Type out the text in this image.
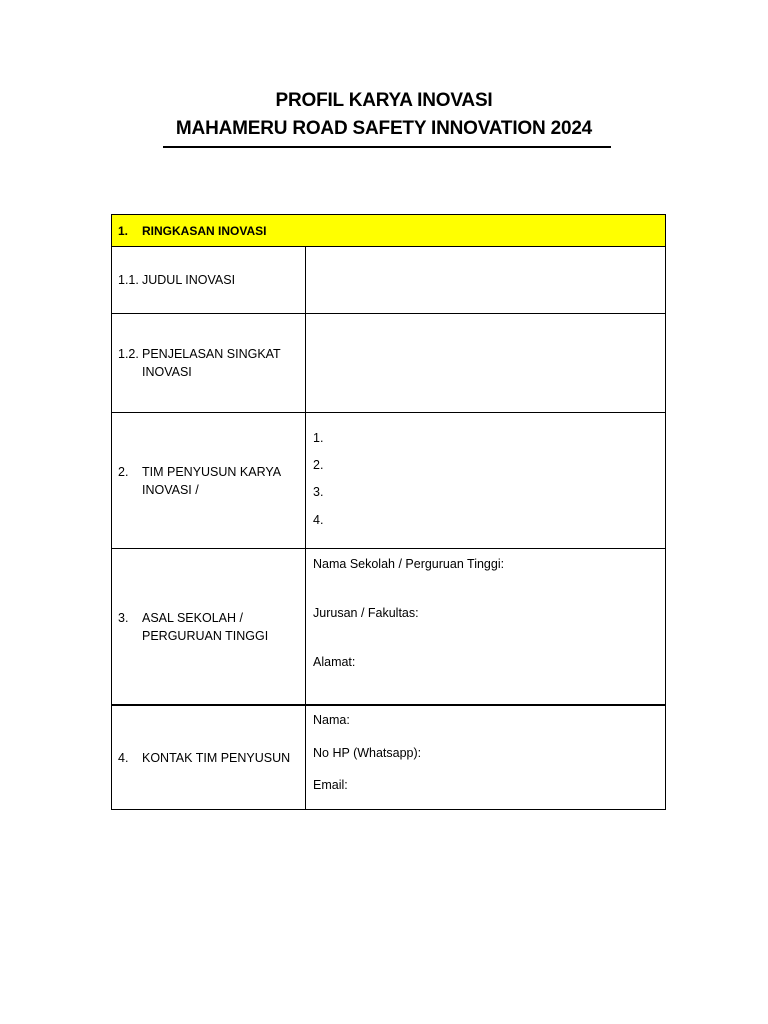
PROFIL KARYA INOVASI
MAHAMERU ROAD SAFETY INNOVATION 2024
1.	RINGKASAN INOVASI
1.1. JUDUL INOVASI
1.2. PENJELASAN SINGKAT INOVASI
2.	TIM PENYUSUN KARYA INOVASI /
1.
2.
3.
4.
3.	ASAL SEKOLAH / PERGURUAN TINGGI
Nama Sekolah / Perguruan Tinggi:
Jurusan / Fakultas:
Alamat:
4.	KONTAK TIM PENYUSUN
Nama:
No HP (Whatsapp):
Email:
